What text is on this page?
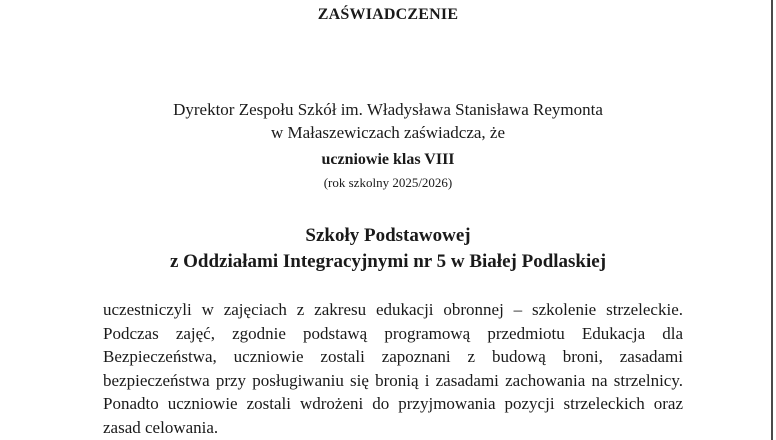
ZAŚWIADCZENIE
Dyrektor Zespołu Szkół im. Władysława Stanisława Reymonta
w Małaszewiczach zaświadcza, że
uczniowie klas VIII
(rok szkolny 2025/2026)
Szkoły Podstawowej
z Oddziałami Integracyjnymi nr 5 w Białej Podlaskiej
uczestniczyli w zajęciach z zakresu edukacji obronnej – szkolenie strzeleckie.
Podczas zajęć, zgodnie podstawą programową przedmiotu Edukacja dla
Bezpieczeństwa, uczniowie zostali zapoznani z budową broni, zasadami
bezpieczeństwa przy posługiwaniu się bronią i zasadami zachowania na strzelnicy.
Ponadto uczniowie zostali wdrożeni do przyjmowania pozycji strzeleckich oraz
zasad celowania.
